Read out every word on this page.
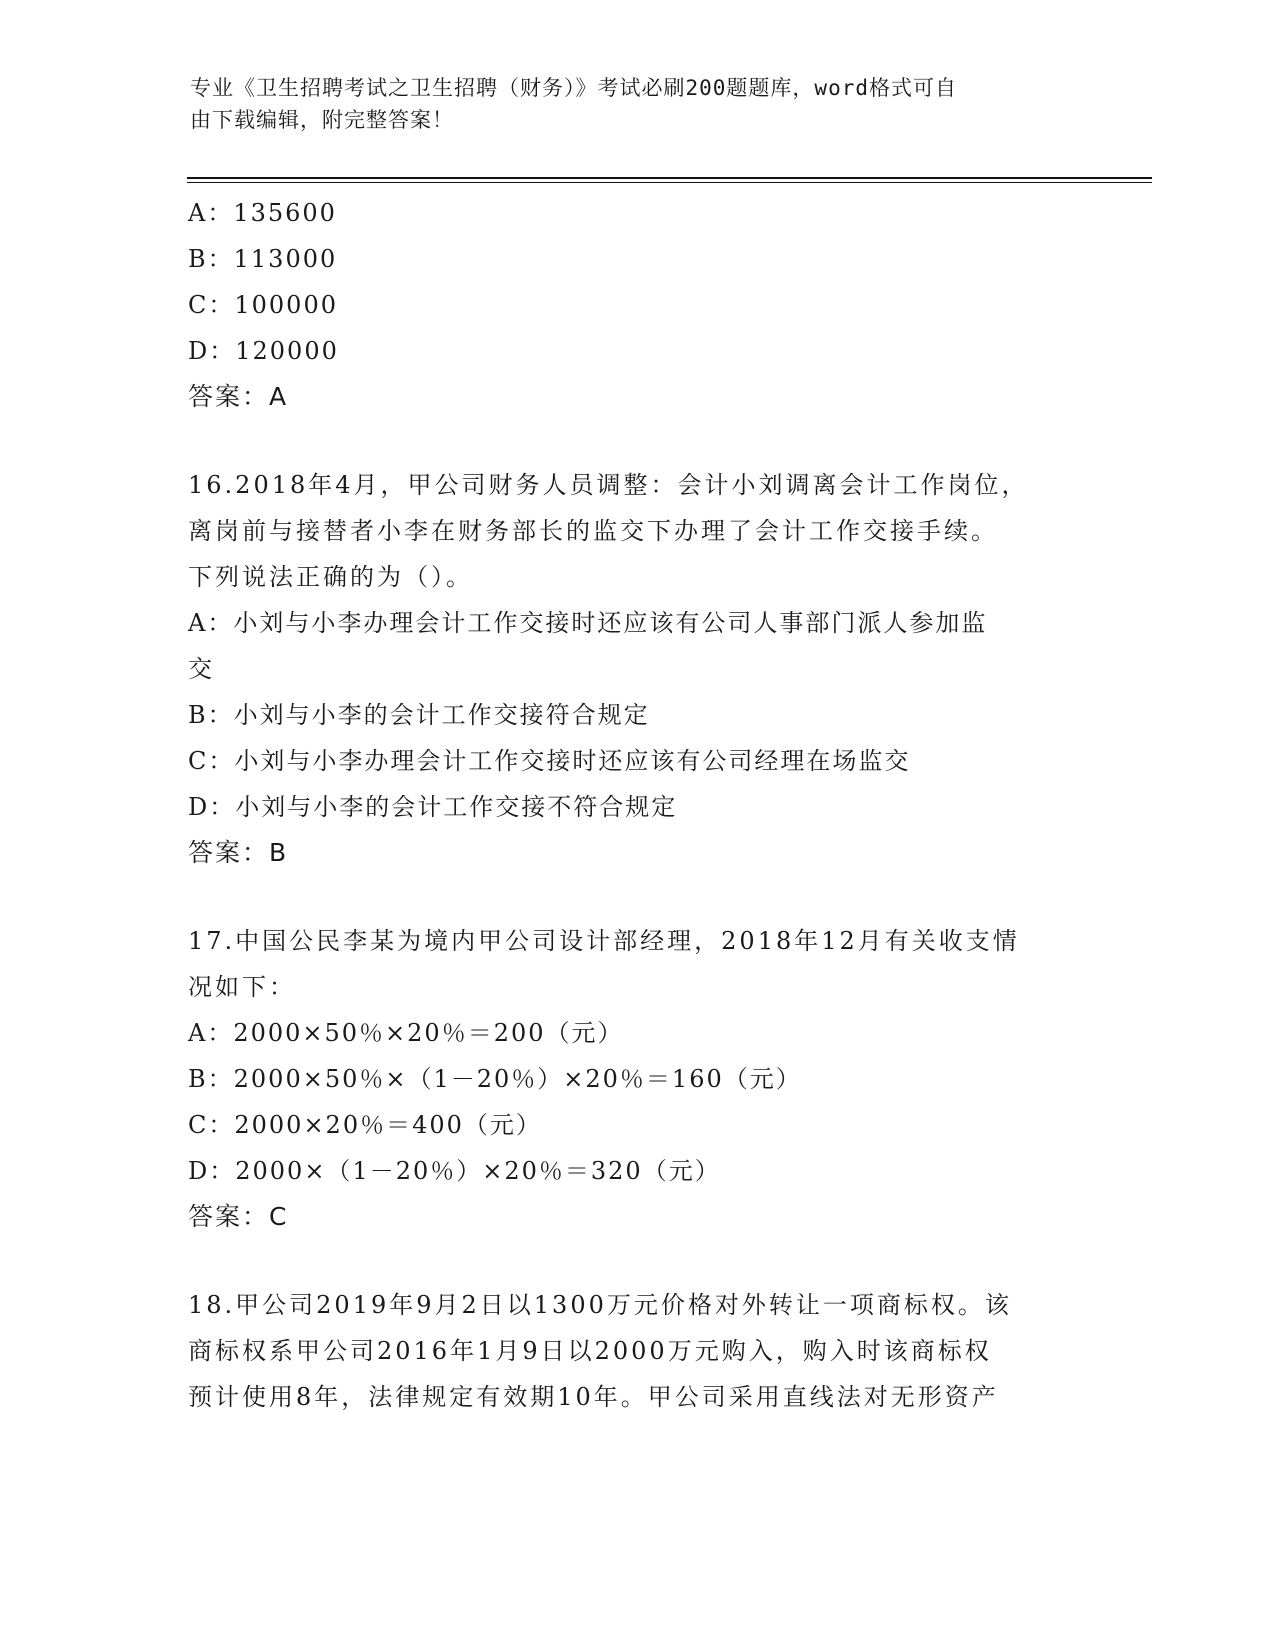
专业《卫生招聘考试之卫生招聘（财务）》考试必刷200题题库，word格式可自
由下载编辑，附完整答案！
A：135600
B：113000
C：100000
D：120000
答案：A
16.2018年4月，甲公司财务人员调整：会计小刘调离会计工作岗位，
离岗前与接替者小李在财务部长的监交下办理了会计工作交接手续。
下列说法正确的为（）。
A：小刘与小李办理会计工作交接时还应该有公司人事部门派人参加监
交
B：小刘与小李的会计工作交接符合规定
C：小刘与小李办理会计工作交接时还应该有公司经理在场监交
D：小刘与小李的会计工作交接不符合规定
答案：B
17.中国公民李某为境内甲公司设计部经理，2018年12月有关收支情
况如下：
A：2000×50％×20％＝200（元）
B：2000×50％×（1－20％）×20％＝160（元）
C：2000×20％＝400（元）
D：2000×（1－20％）×20％＝320（元）
答案：C
18.甲公司2019年9月2日以1300万元价格对外转让一项商标权。该
商标权系甲公司2016年1月9日以2000万元购入，购入时该商标权
预计使用8年，法律规定有效期10年。甲公司采用直线法对无形资产
